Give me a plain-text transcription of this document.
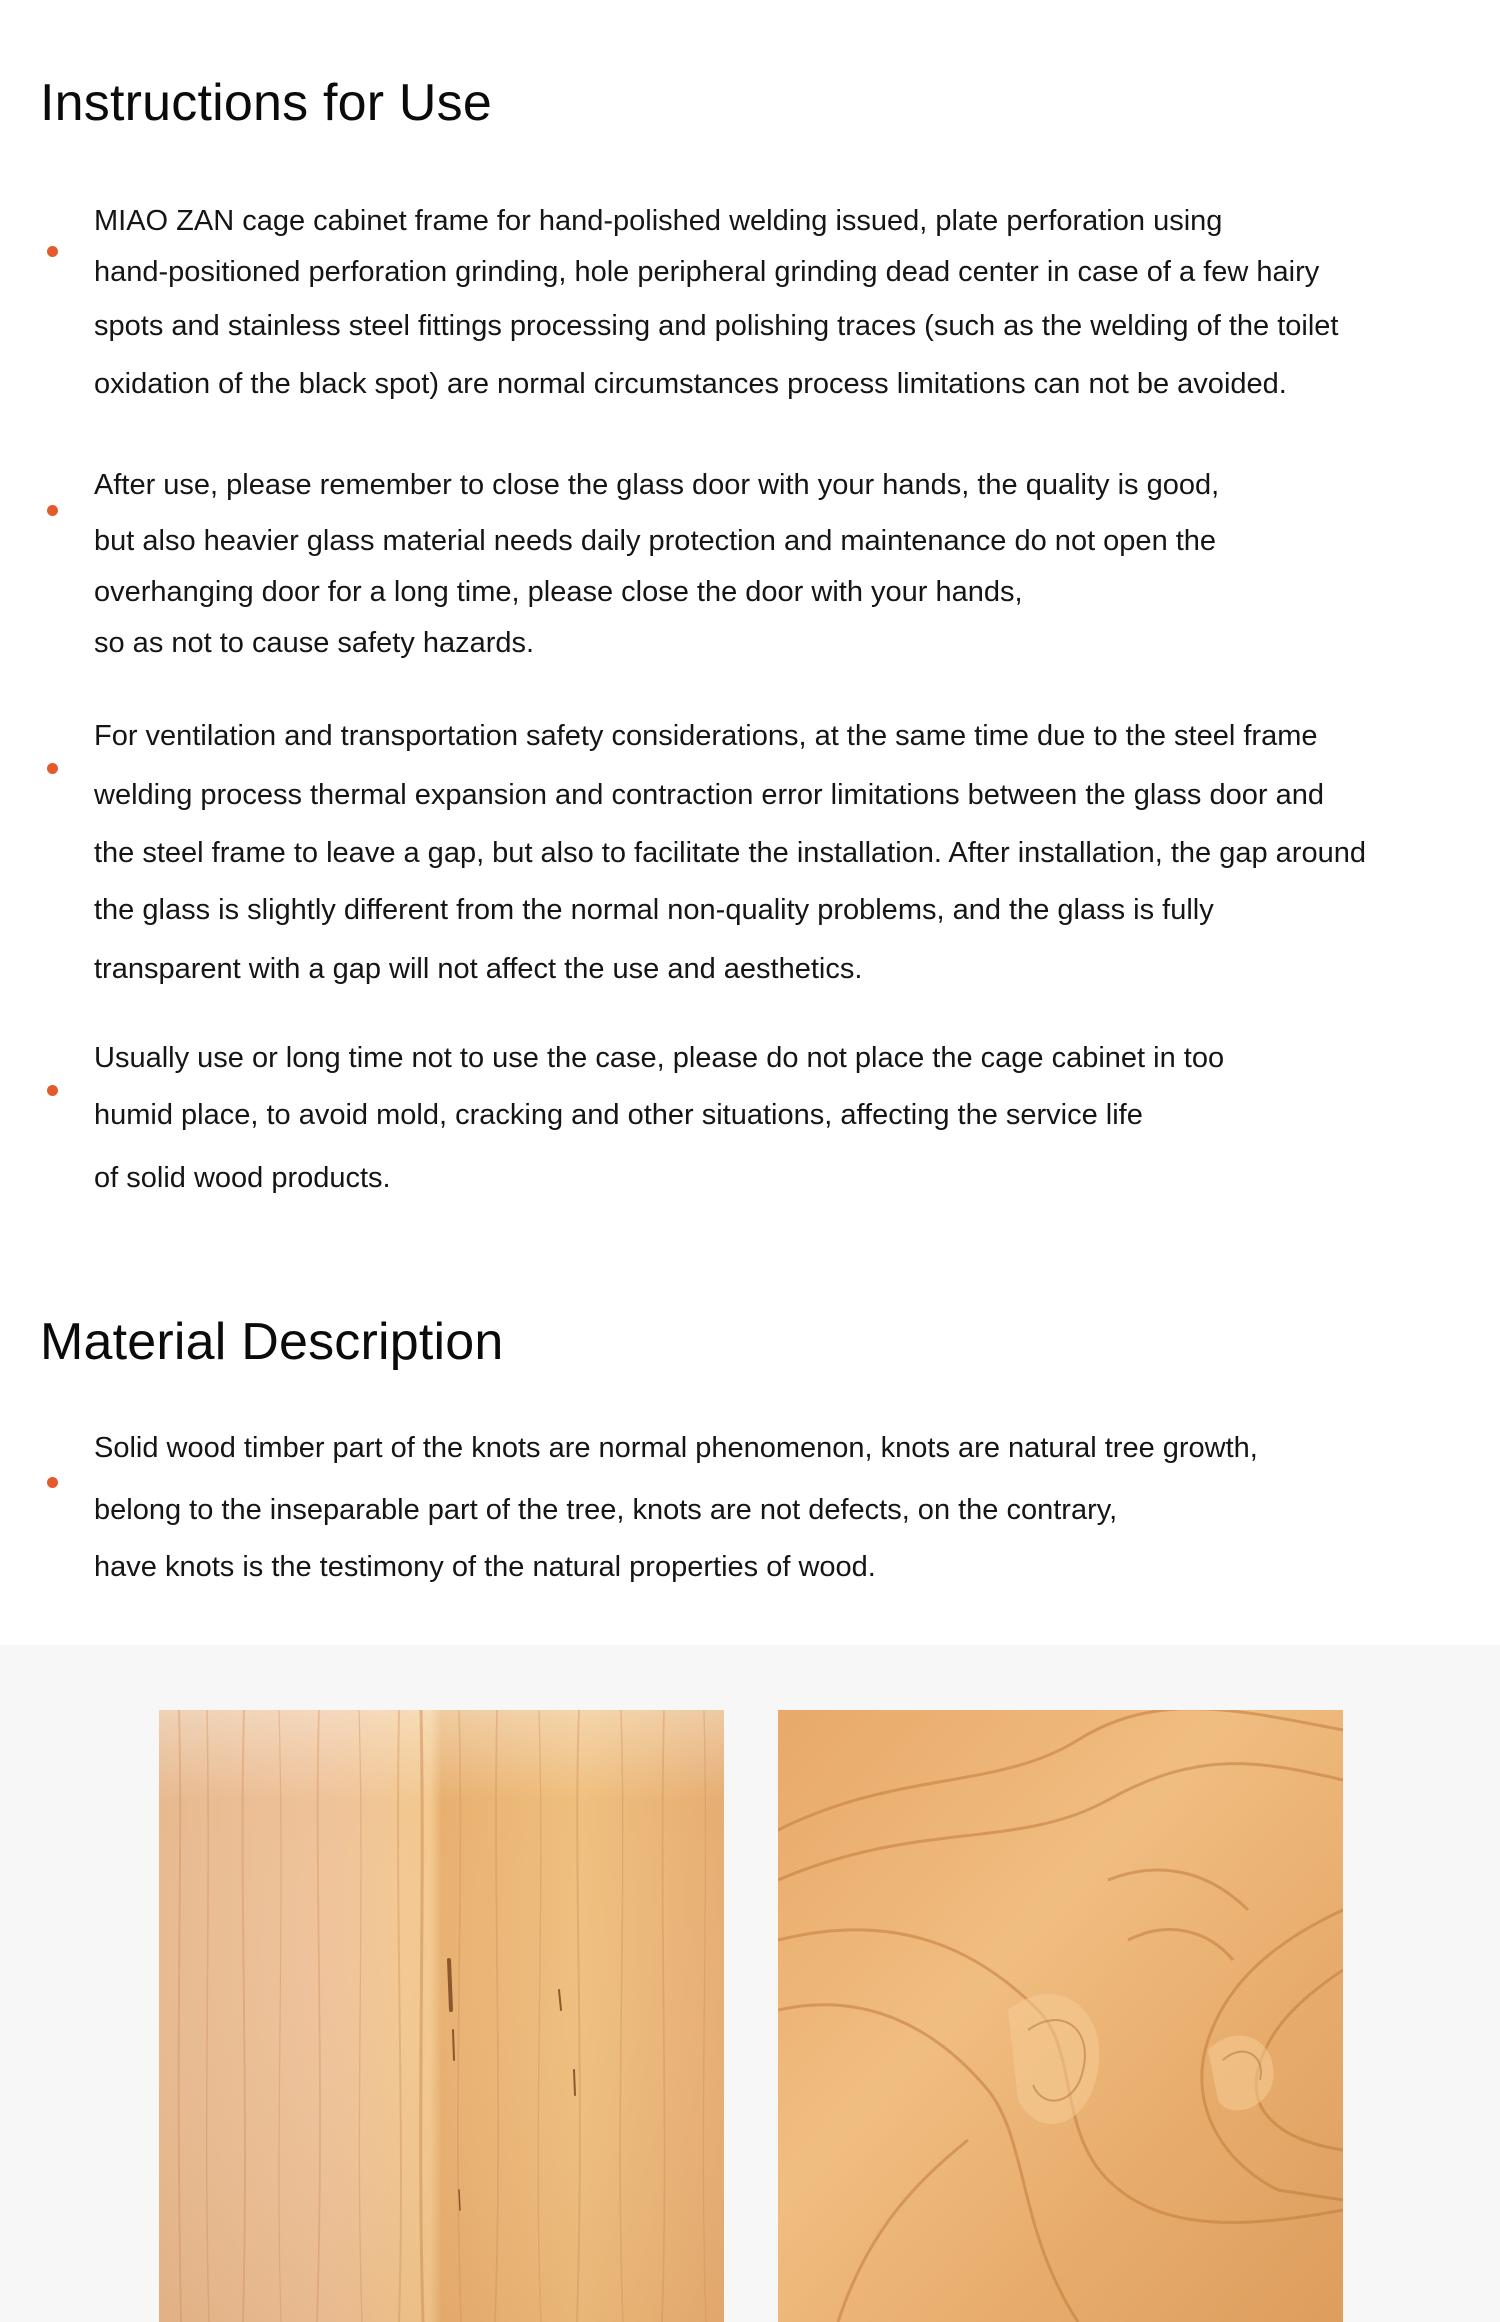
Instructions for Use

MIAO ZAN cage cabinet frame for hand-polished welding issued, plate perforation using

hand-positioned perforation grinding, hole peripheral grinding dead center in case of a few hairy

spots and stainless steel fittings processing and polishing traces (such as the welding of the toilet

oxidation of the black spot) are normal circumstances process limitations can not be avoided.

After use, please remember to close the glass door with your hands, the quality is good,

but also heavier glass material needs daily protection and maintenance do not open the

overhanging door for a long time, please close the door with your hands,

so as not to cause safety hazards.

For ventilation and transportation safety considerations, at the same time due to the steel frame

welding process thermal expansion and contraction error limitations between the glass door and

the steel frame to leave a gap, but also to facilitate the installation. After installation, the gap around

the glass is slightly different from the normal non-quality problems, and the glass is fully

transparent with a gap will not affect the use and aesthetics.

Usually use or long time not to use the case, please do not place the cage cabinet in too

humid place, to avoid mold, cracking and other situations, affecting the service life

of solid wood products.

Material Description

Solid wood timber part of the knots are normal phenomenon, knots are natural tree growth,

belong to the inseparable part of the tree, knots are not defects, on the contrary,

have knots is the testimony of the natural properties of wood.
